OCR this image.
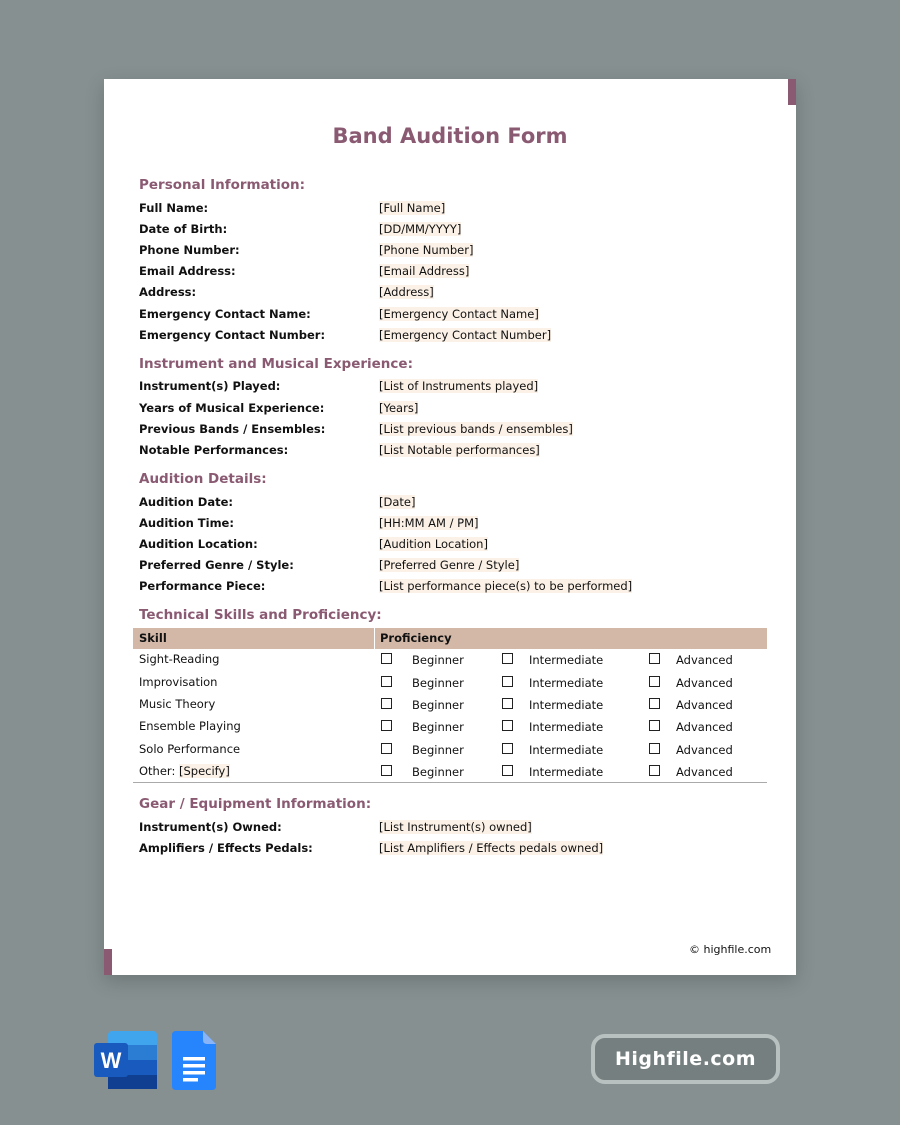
Band Audition Form
Personal Information:
Full Name:	[Full Name]
Date of Birth:	[DD/MM/YYYY]
Phone Number:	[Phone Number]
Email Address:	[Email Address]
Address:	[Address]
Emergency Contact Name:	[Emergency Contact Name]
Emergency Contact Number:	[Emergency Contact Number]
Instrument and Musical Experience:
Instrument(s) Played:	[List of Instruments played]
Years of Musical Experience:	[Years]
Previous Bands / Ensembles:	[List previous bands / ensembles]
Notable Performances:	[List Notable performances]
Audition Details:
Audition Date:	[Date]
Audition Time:	[HH:MM AM / PM]
Audition Location:	[Audition Location]
Preferred Genre / Style:	[Preferred Genre / Style]
Performance Piece:	[List performance piece(s) to be performed]
Technical Skills and Proficiency:
Skill	Proficiency
Sight-Reading	Beginner	Intermediate	Advanced
Improvisation	Beginner	Intermediate	Advanced
Music Theory	Beginner	Intermediate	Advanced
Ensemble Playing	Beginner	Intermediate	Advanced
Solo Performance	Beginner	Intermediate	Advanced
Other: [Specify]	Beginner	Intermediate	Advanced
Gear / Equipment Information:
Instrument(s) Owned:	[List Instrument(s) owned]
Amplifiers / Effects Pedals:	[List Amplifiers / Effects pedals owned]
© highfile.com
W	Highfile.com
